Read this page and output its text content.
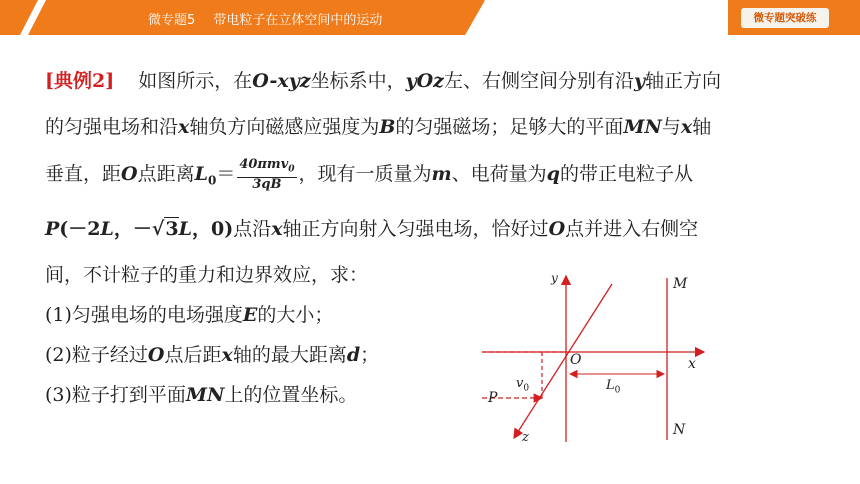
微专题5 带电粒子在立体空间中的运动	微专题突破练
[典例2] 如图所示，在O-xyz坐标系中，yOz左、右侧空间分别有沿y轴正方向
的匀强电场和沿x轴负方向磁感应强度为B的匀强磁场；足够大的平面MN与x轴
垂直，距O点距离$L_0= \frac{40\pi mv_0}{3qB}$ ，现有一质量为m、电荷量为q的带正电粒子从
P(－2L，－√3L，0)点沿x轴正方向射入匀强电场，恰好过O点并进入右侧空
间，不计粒子的重力和边界效应，求：
(1)匀强电场的电场强度E的大小；
(2)粒子经过O点后距x轴的最大距离d；
(3)粒子打到平面MN上的位置坐标。
y
x
z
O
M
N
P
$v_0$	$L_0$
